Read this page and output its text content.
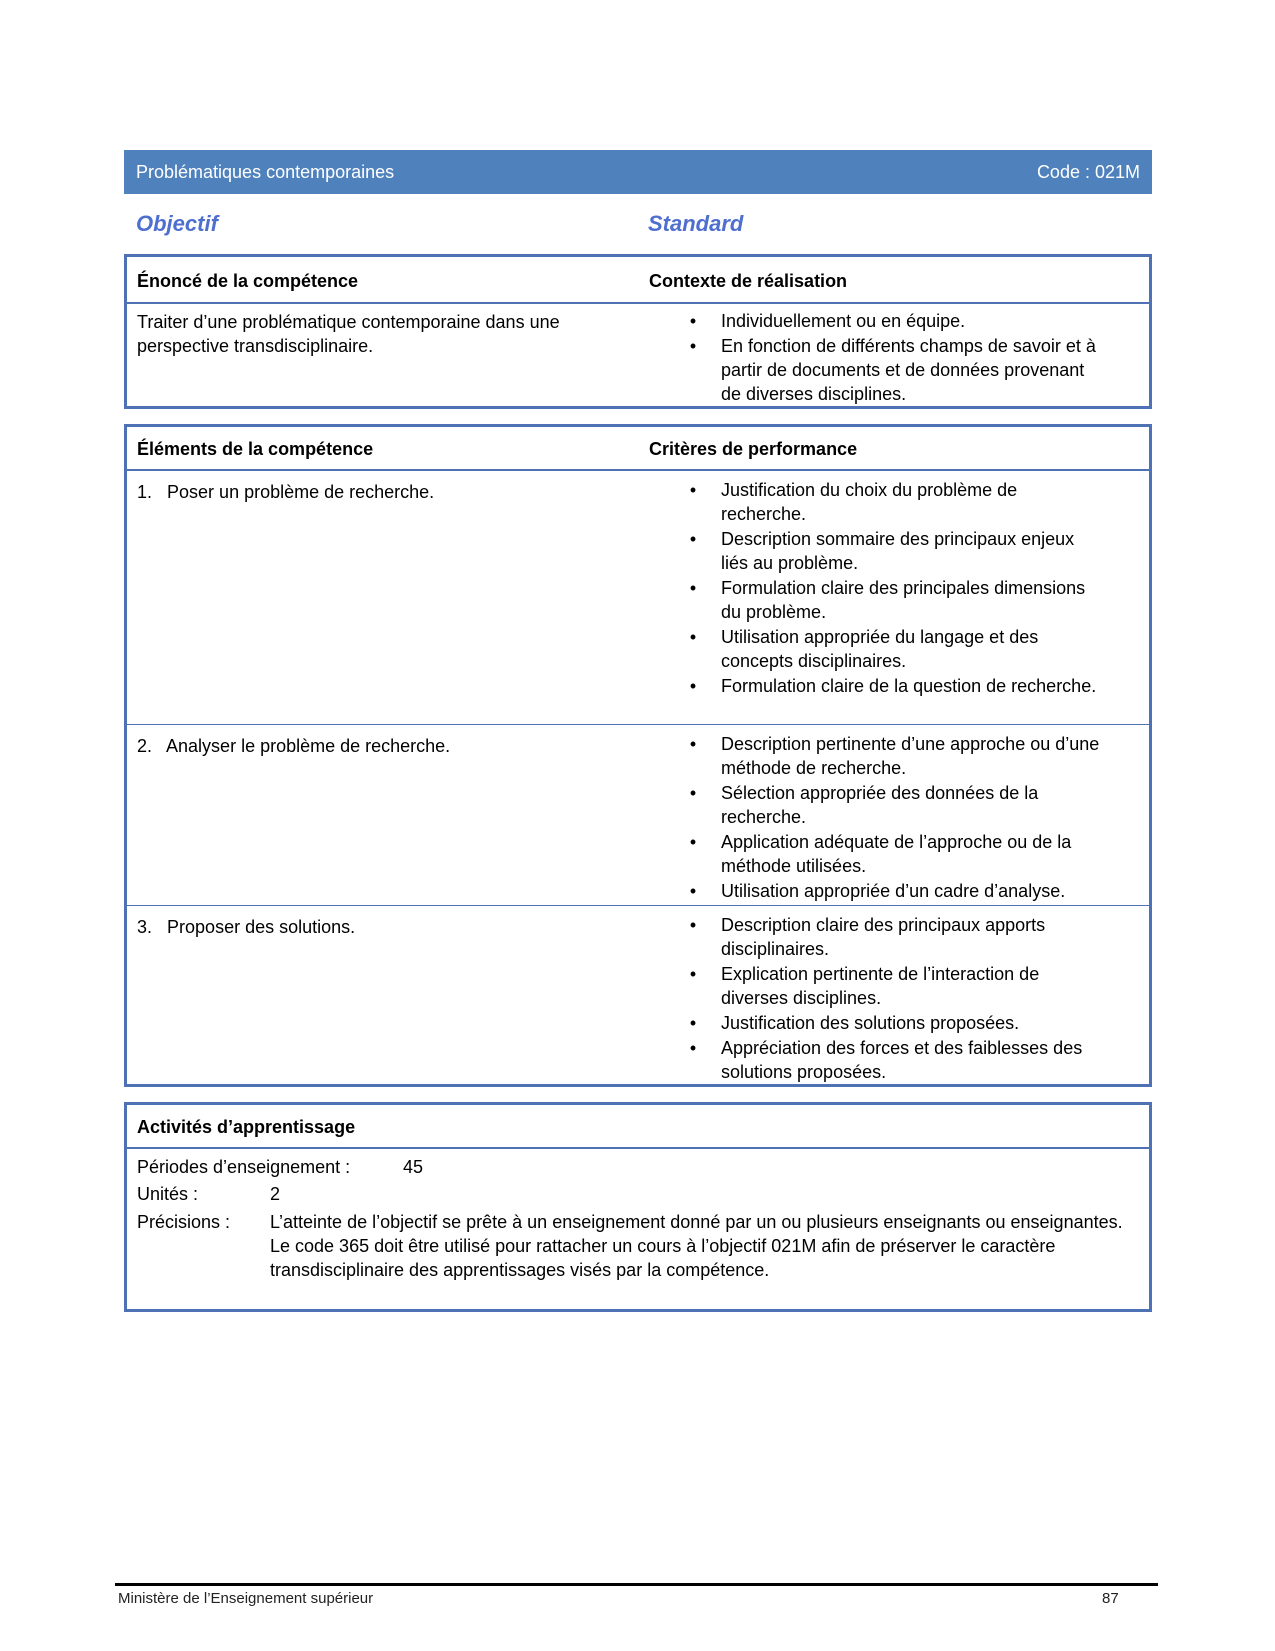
Problématiques contemporaines	Code : 021M
Objectif	Standard
Énoncé de la compétence	Contexte de réalisation
Traiter d’une problématique contemporaine dans une
perspective transdisciplinaire.
•	Individuellement ou en équipe.
•	En fonction de différents champs de savoir et à partir de documents et de données provenant de diverses disciplines.
Éléments de la compétence	Critères de performance
1. Poser un problème de recherche.	•	Justification du choix du problème de recherche.
•	Description sommaire des principaux enjeux liés au problème.
•	Formulation claire des principales dimensions du problème.
•	Utilisation appropriée du langage et des concepts disciplinaires.
•	Formulation claire de la question de recherche.
2. Analyser le problème de recherche.	•	Description pertinente d’une approche ou d’une méthode de recherche.
•	Sélection appropriée des données de la recherche.
•	Application adéquate de l’approche ou de la méthode utilisées.
•	Utilisation appropriée d’un cadre d’analyse.
3. Proposer des solutions.	•	Description claire des principaux apports disciplinaires.
•	Explication pertinente de l’interaction de diverses disciplines.
•	Justification des solutions proposées.
•	Appréciation des forces et des faiblesses des solutions proposées.
Activités d’apprentissage
Périodes d’enseignement :	45
Unités :	2
Précisions : L’atteinte de l’objectif se prête à un enseignement donné par un ou plusieurs enseignants ou enseignantes.
Le code 365 doit être utilisé pour rattacher un cours à l’objectif 021M afin de préserver le caractère transdisciplinaire des apprentissages visés par la compétence.
Ministère de l’Enseignement supérieur	87
